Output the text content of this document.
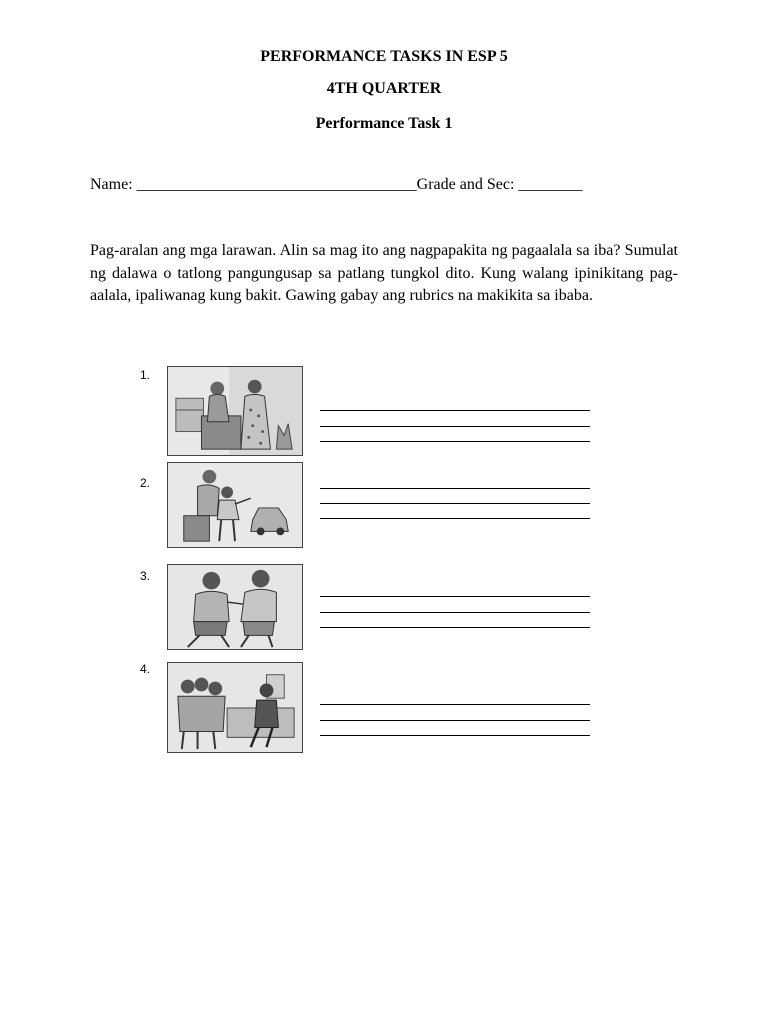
PERFORMANCE TASKS IN ESP 5
4TH QUARTER
Performance Task 1
Name: ___________________________________Grade and Sec: ________

Pag-aralan ang mga larawan. Alin sa mag ito ang nagpapakita ng pagaalala sa iba? Sumulat ng dalawa o tatlong pangungusap sa patlang tungkol dito. Kung walang ipinikitang pag-aalala, ipaliwanag kung bakit. Gawing gabay ang rubrics na makikita sa ibaba.

1.
2.
3.
4.
